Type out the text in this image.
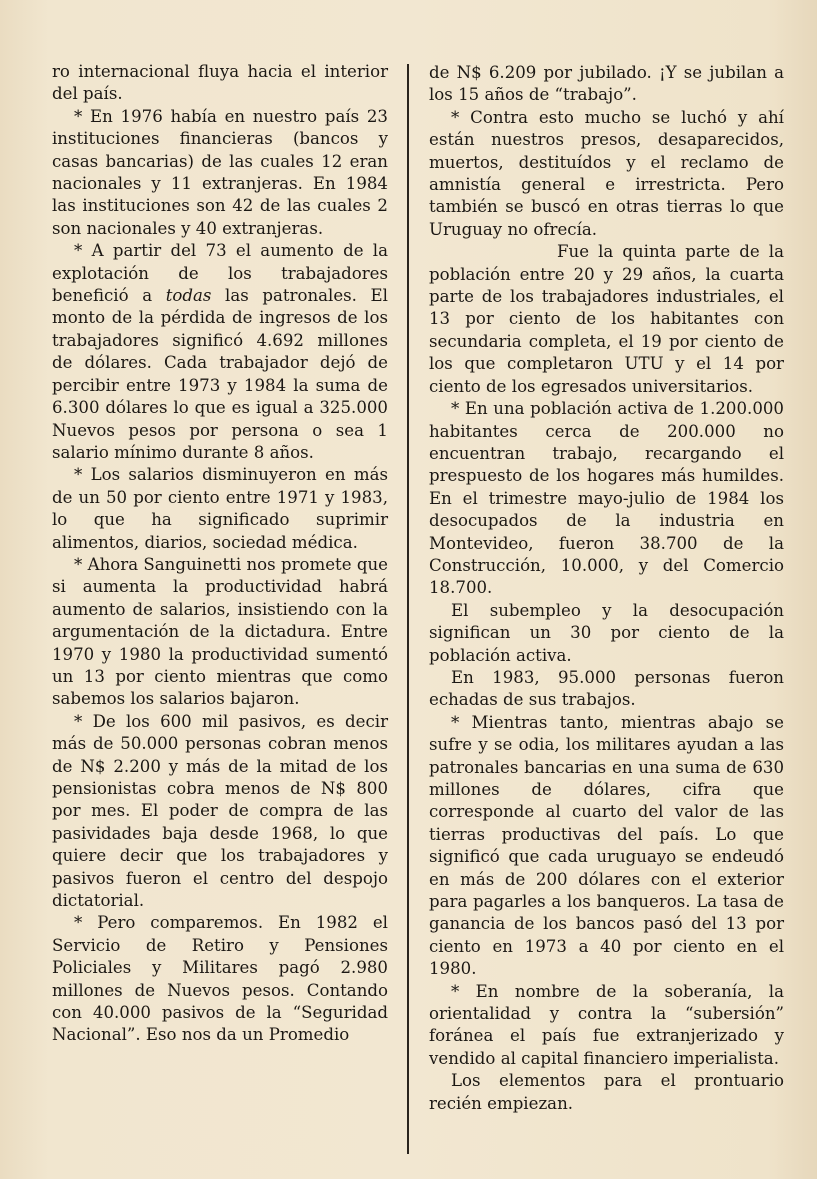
ro internacional fluya hacia el interior del país.

* En 1976 había en nuestro país 23 instituciones financieras (bancos y casas bancarias) de las cuales 12 eran nacionales y 11 extranjeras. En 1984 las instituciones son 42 de las cuales 2 son nacionales y 40 extranjeras.

* A partir del 73 el aumento de la explotación de los trabajadores benefició a todas las patronales. El monto de la pérdida de ingresos de los trabajadores significó 4.692 millones de dólares. Cada trabajador dejó de percibir entre 1973 y 1984 la suma de 6.300 dólares lo que es igual a 325.000 Nuevos pesos por persona o sea 1 salario mínimo durante 8 años.

* Los salarios disminuyeron en más de un 50 por ciento entre 1971 y 1983, lo que ha significado suprimir alimentos, diarios, sociedad médica.

* Ahora Sanguinetti nos promete que si aumenta la productividad habrá aumento de salarios, insistiendo con la argumentación de la dictadura. Entre 1970 y 1980 la productividad sumentó un 13 por ciento mientras que como sabemos los salarios bajaron.

* De los 600 mil pasivos, es decir más de 50.000 personas cobran menos de N$ 2.200 y más de la mitad de los pensionistas cobra menos de N$ 800 por mes. El poder de compra de las pasividades baja desde 1968, lo que quiere decir que los trabajadores y pasivos fueron el centro del despojo dictatorial.

* Pero comparemos. En 1982 el Servicio de Retiro y Pensiones Policiales y Militares pagó 2.980 millones de Nuevos pesos. Contando con 40.000 pasivos de la “Seguridad Nacional”. Eso nos da un Promedio

de N$ 6.209 por jubilado. ¡Y se jubilan a los 15 años de “trabajo”.

* Contra esto mucho se luchó y ahí están nuestros presos, desaparecidos, muertos, destituídos y el reclamo de amnistía general e irrestricta. Pero también se buscó en otras tierras lo que Uruguay no ofrecía.

Fue la quinta parte de la población entre 20 y 29 años, la cuarta parte de los trabajadores industriales, el 13 por ciento de los habitantes con secundaria completa, el 19 por ciento de los que completaron UTU y el 14 por ciento de los egresados universitarios.

* En una población activa de 1.200.000 habitantes cerca de 200.000 no encuentran trabajo, recargando el prespuesto de los hogares más humildes. En el trimestre mayo-julio de 1984 los desocupados de la industria en Montevideo, fueron 38.700 de la Construcción, 10.000, y del Comercio 18.700.

El subempleo y la desocupación significan un 30 por ciento de la población activa.

En 1983, 95.000 personas fueron echadas de sus trabajos.

* Mientras tanto, mientras abajo se sufre y se odia, los militares ayudan a las patronales bancarias en una suma de 630 millones de dólares, cifra que corresponde al cuarto del valor de las tierras productivas del país. Lo que significó que cada uruguayo se endeudó en más de 200 dólares con el exterior para pagarles a los banqueros. La tasa de ganancia de los bancos pasó del 13 por ciento en 1973 a 40 por ciento en el 1980.

* En nombre de la soberanía, la orientalidad y contra la “subersión” foránea el país fue extranjerizado y vendido al capital financiero imperialista.

Los elementos para el prontuario recién empiezan.
